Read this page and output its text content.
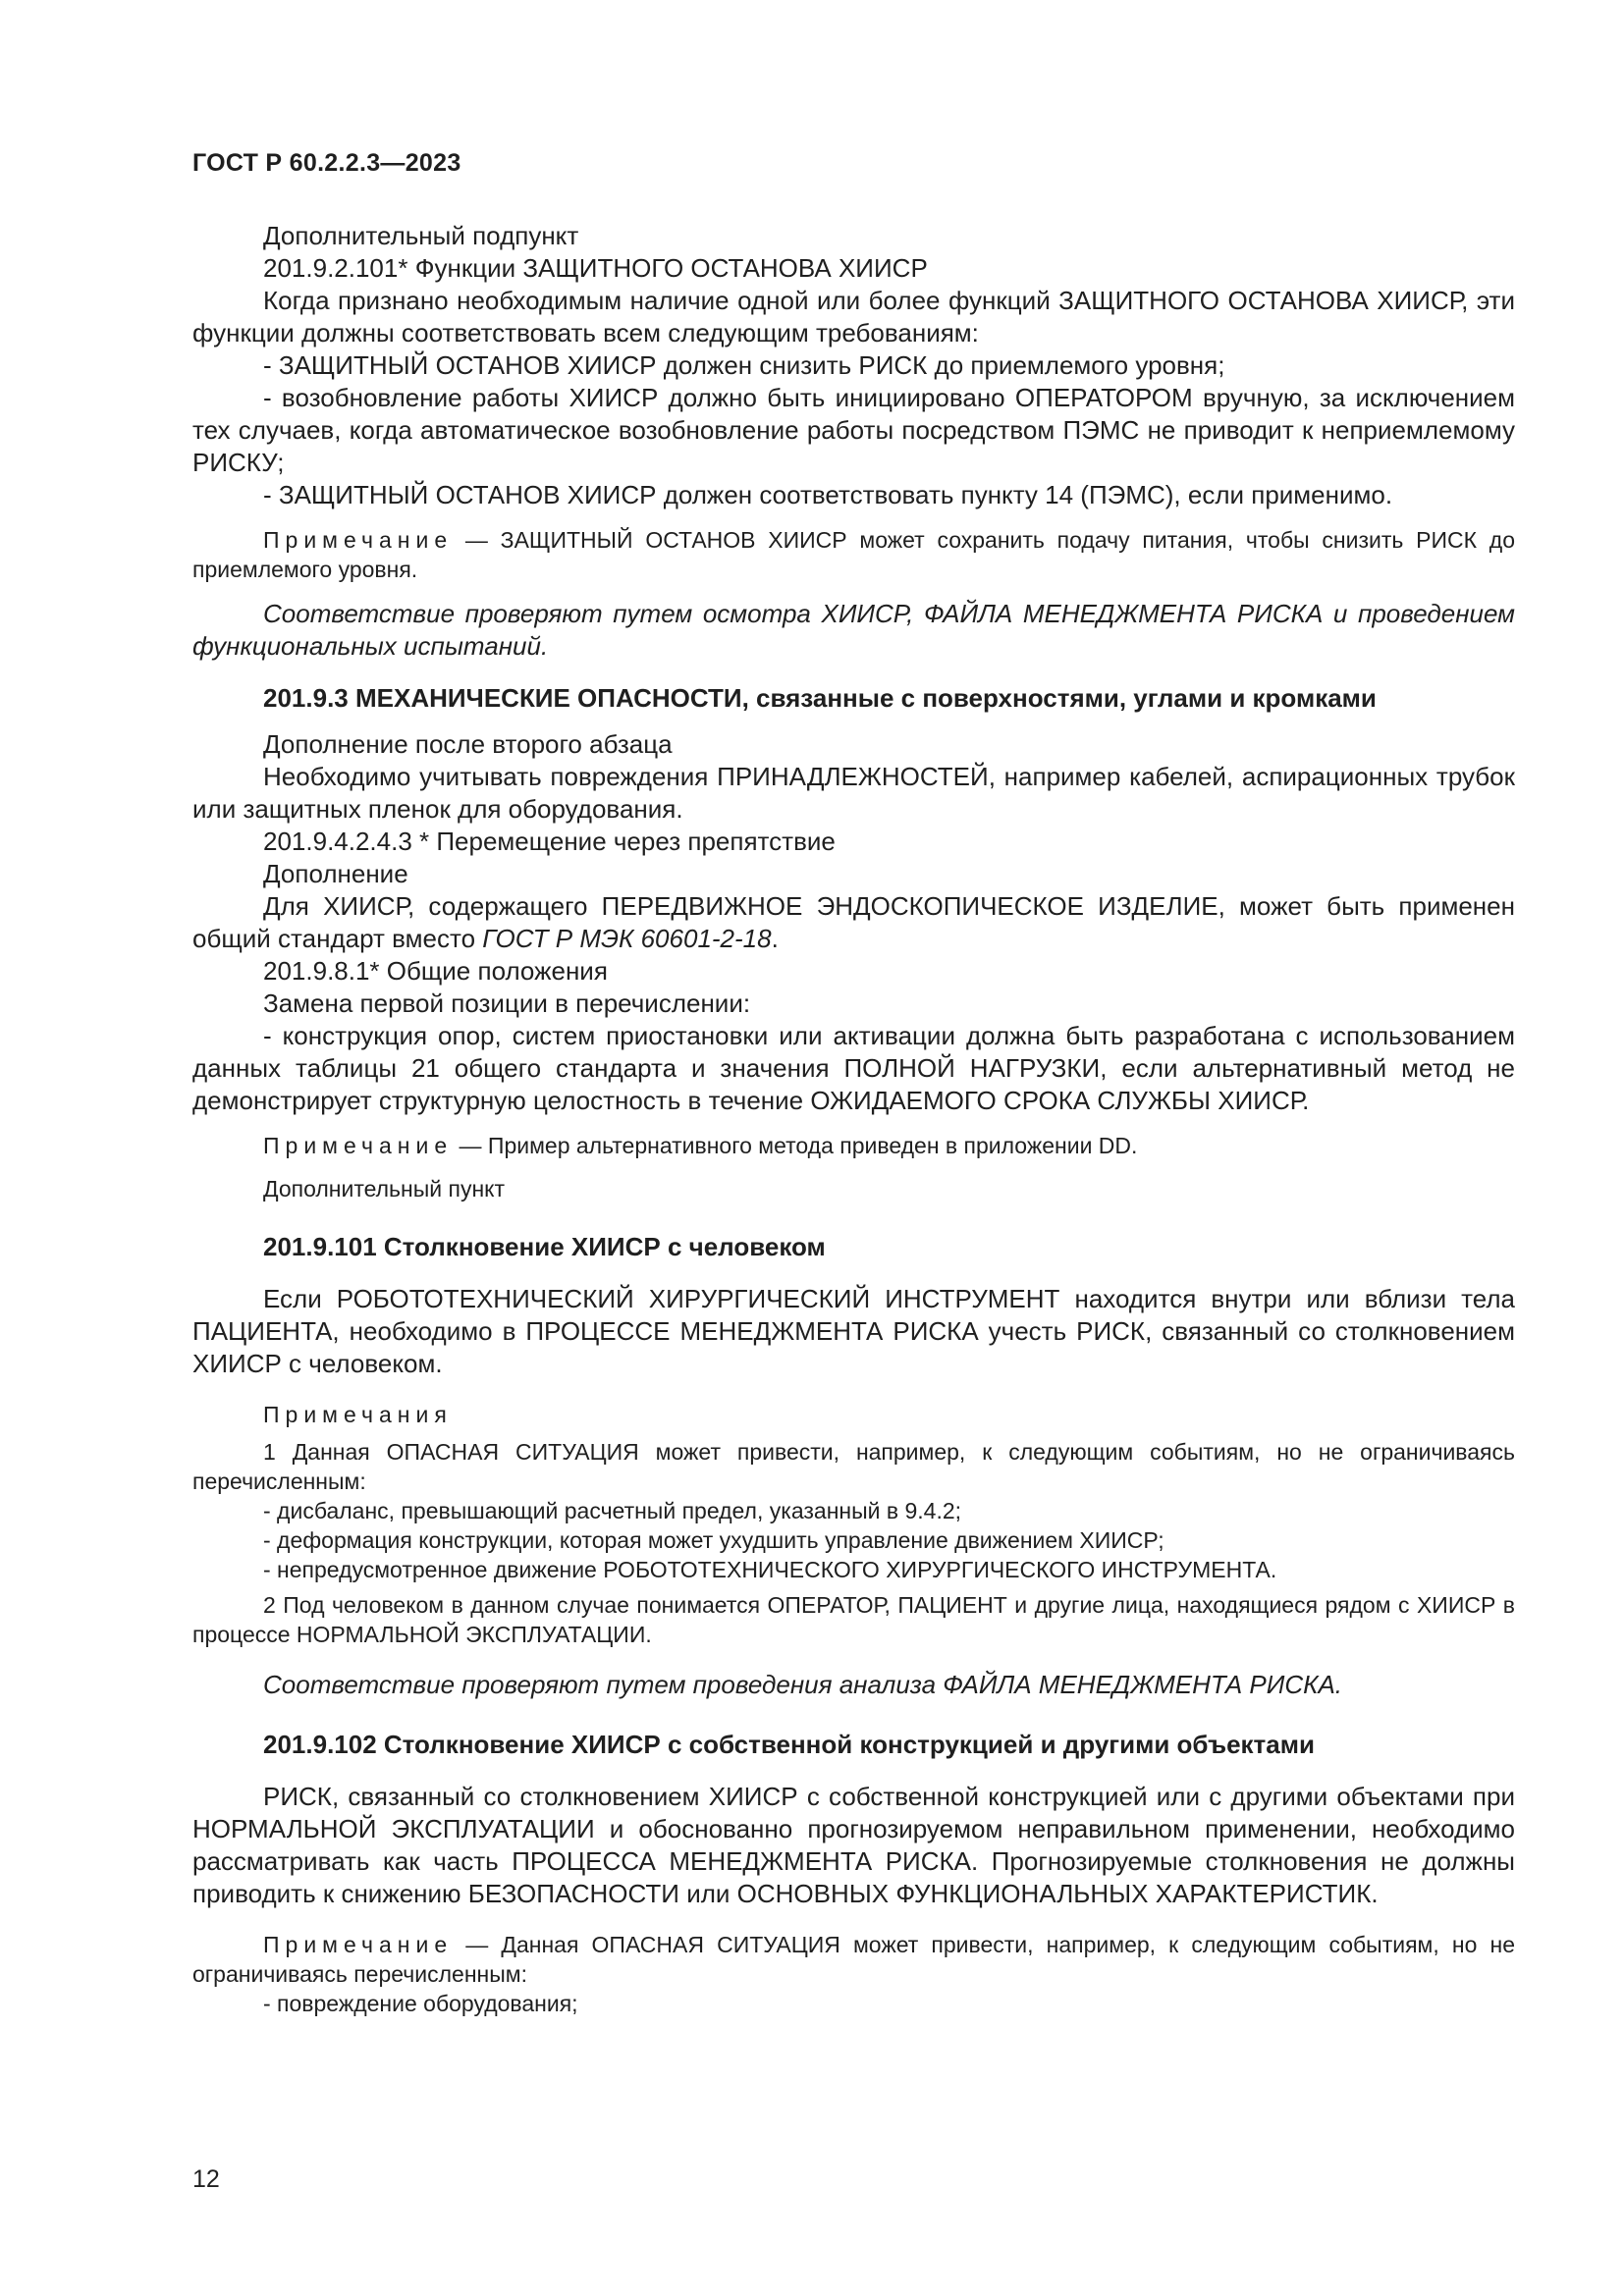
ГОСТ Р 60.2.2.3—2023

Дополнительный подпункт

201.9.2.101* Функции ЗАЩИТНОГО ОСТАНОВА ХИИСР

Когда признано необходимым наличие одной или более функций ЗАЩИТНОГО ОСТАНОВА ХИИСР, эти функции должны соответствовать всем следующим требованиям:

- ЗАЩИТНЫЙ ОСТАНОВ ХИИСР должен снизить РИСК до приемлемого уровня;

- возобновление работы ХИИСР должно быть инициировано ОПЕРАТОРОМ вручную, за исключением тех случаев, когда автоматическое возобновление работы посредством ПЭМС не приводит к неприемлемому РИСКУ;

- ЗАЩИТНЫЙ ОСТАНОВ ХИИСР должен соответствовать пункту 14 (ПЭМС), если применимо.

Примечание — ЗАЩИТНЫЙ ОСТАНОВ ХИИСР может сохранить подачу питания, чтобы снизить РИСК до приемлемого уровня.

Соответствие проверяют путем осмотра ХИИСР, ФАЙЛА МЕНЕДЖМЕНТА РИСКА и проведением функциональных испытаний.

201.9.3 МЕХАНИЧЕСКИЕ ОПАСНОСТИ, связанные с поверхностями, углами и кромками

Дополнение после второго абзаца

Необходимо учитывать повреждения ПРИНАДЛЕЖНОСТЕЙ, например кабелей, аспирационных трубок или защитных пленок для оборудования.

201.9.4.2.4.3 * Перемещение через препятствие

Дополнение

Для ХИИСР, содержащего ПЕРЕДВИЖНОЕ ЭНДОСКОПИЧЕСКОЕ ИЗДЕЛИЕ, может быть применен общий стандарт вместо ГОСТ Р МЭК 60601-2-18.

201.9.8.1* Общие положения

Замена первой позиции в перечислении:

- конструкция опор, систем приостановки или активации должна быть разработана с использованием данных таблицы 21 общего стандарта и значения ПОЛНОЙ НАГРУЗКИ, если альтернативный метод не демонстрирует структурную целостность в течение ОЖИДАЕМОГО СРОКА СЛУЖБЫ ХИИСР.

Примечание — Пример альтернативного метода приведен в приложении DD.

Дополнительный пункт

201.9.101 Столкновение ХИИСР с человеком

Если РОБОТОТЕХНИЧЕСКИЙ ХИРУРГИЧЕСКИЙ ИНСТРУМЕНТ находится внутри или вблизи тела ПАЦИЕНТА, необходимо в ПРОЦЕССЕ МЕНЕДЖМЕНТА РИСКА учесть РИСК, связанный со столкновением ХИИСР с человеком.

Примечания

1 Данная ОПАСНАЯ СИТУАЦИЯ может привести, например, к следующим событиям, но не ограничиваясь перечисленным:

- дисбаланс, превышающий расчетный предел, указанный в 9.4.2;

- деформация конструкции, которая может ухудшить управление движением ХИИСР;

- непредусмотренное движение РОБОТОТЕХНИЧЕСКОГО ХИРУРГИЧЕСКОГО ИНСТРУМЕНТА.

2 Под человеком в данном случае понимается ОПЕРАТОР, ПАЦИЕНТ и другие лица, находящиеся рядом с ХИИСР в процессе НОРМАЛЬНОЙ ЭКСПЛУАТАЦИИ.

Соответствие проверяют путем проведения анализа ФАЙЛА МЕНЕДЖМЕНТА РИСКА.

201.9.102 Столкновение ХИИСР с собственной конструкцией и другими объектами

РИСК, связанный со столкновением ХИИСР с собственной конструкцией или с другими объектами при НОРМАЛЬНОЙ ЭКСПЛУАТАЦИИ и обоснованно прогнозируемом неправильном применении, необходимо рассматривать как часть ПРОЦЕССА МЕНЕДЖМЕНТА РИСКА. Прогнозируемые столкновения не должны приводить к снижению БЕЗОПАСНОСТИ или ОСНОВНЫХ ФУНКЦИОНАЛЬНЫХ ХАРАКТЕРИСТИК.

Примечание — Данная ОПАСНАЯ СИТУАЦИЯ может привести, например, к следующим событиям, но не ограничиваясь перечисленным:

- повреждение оборудования;

12
